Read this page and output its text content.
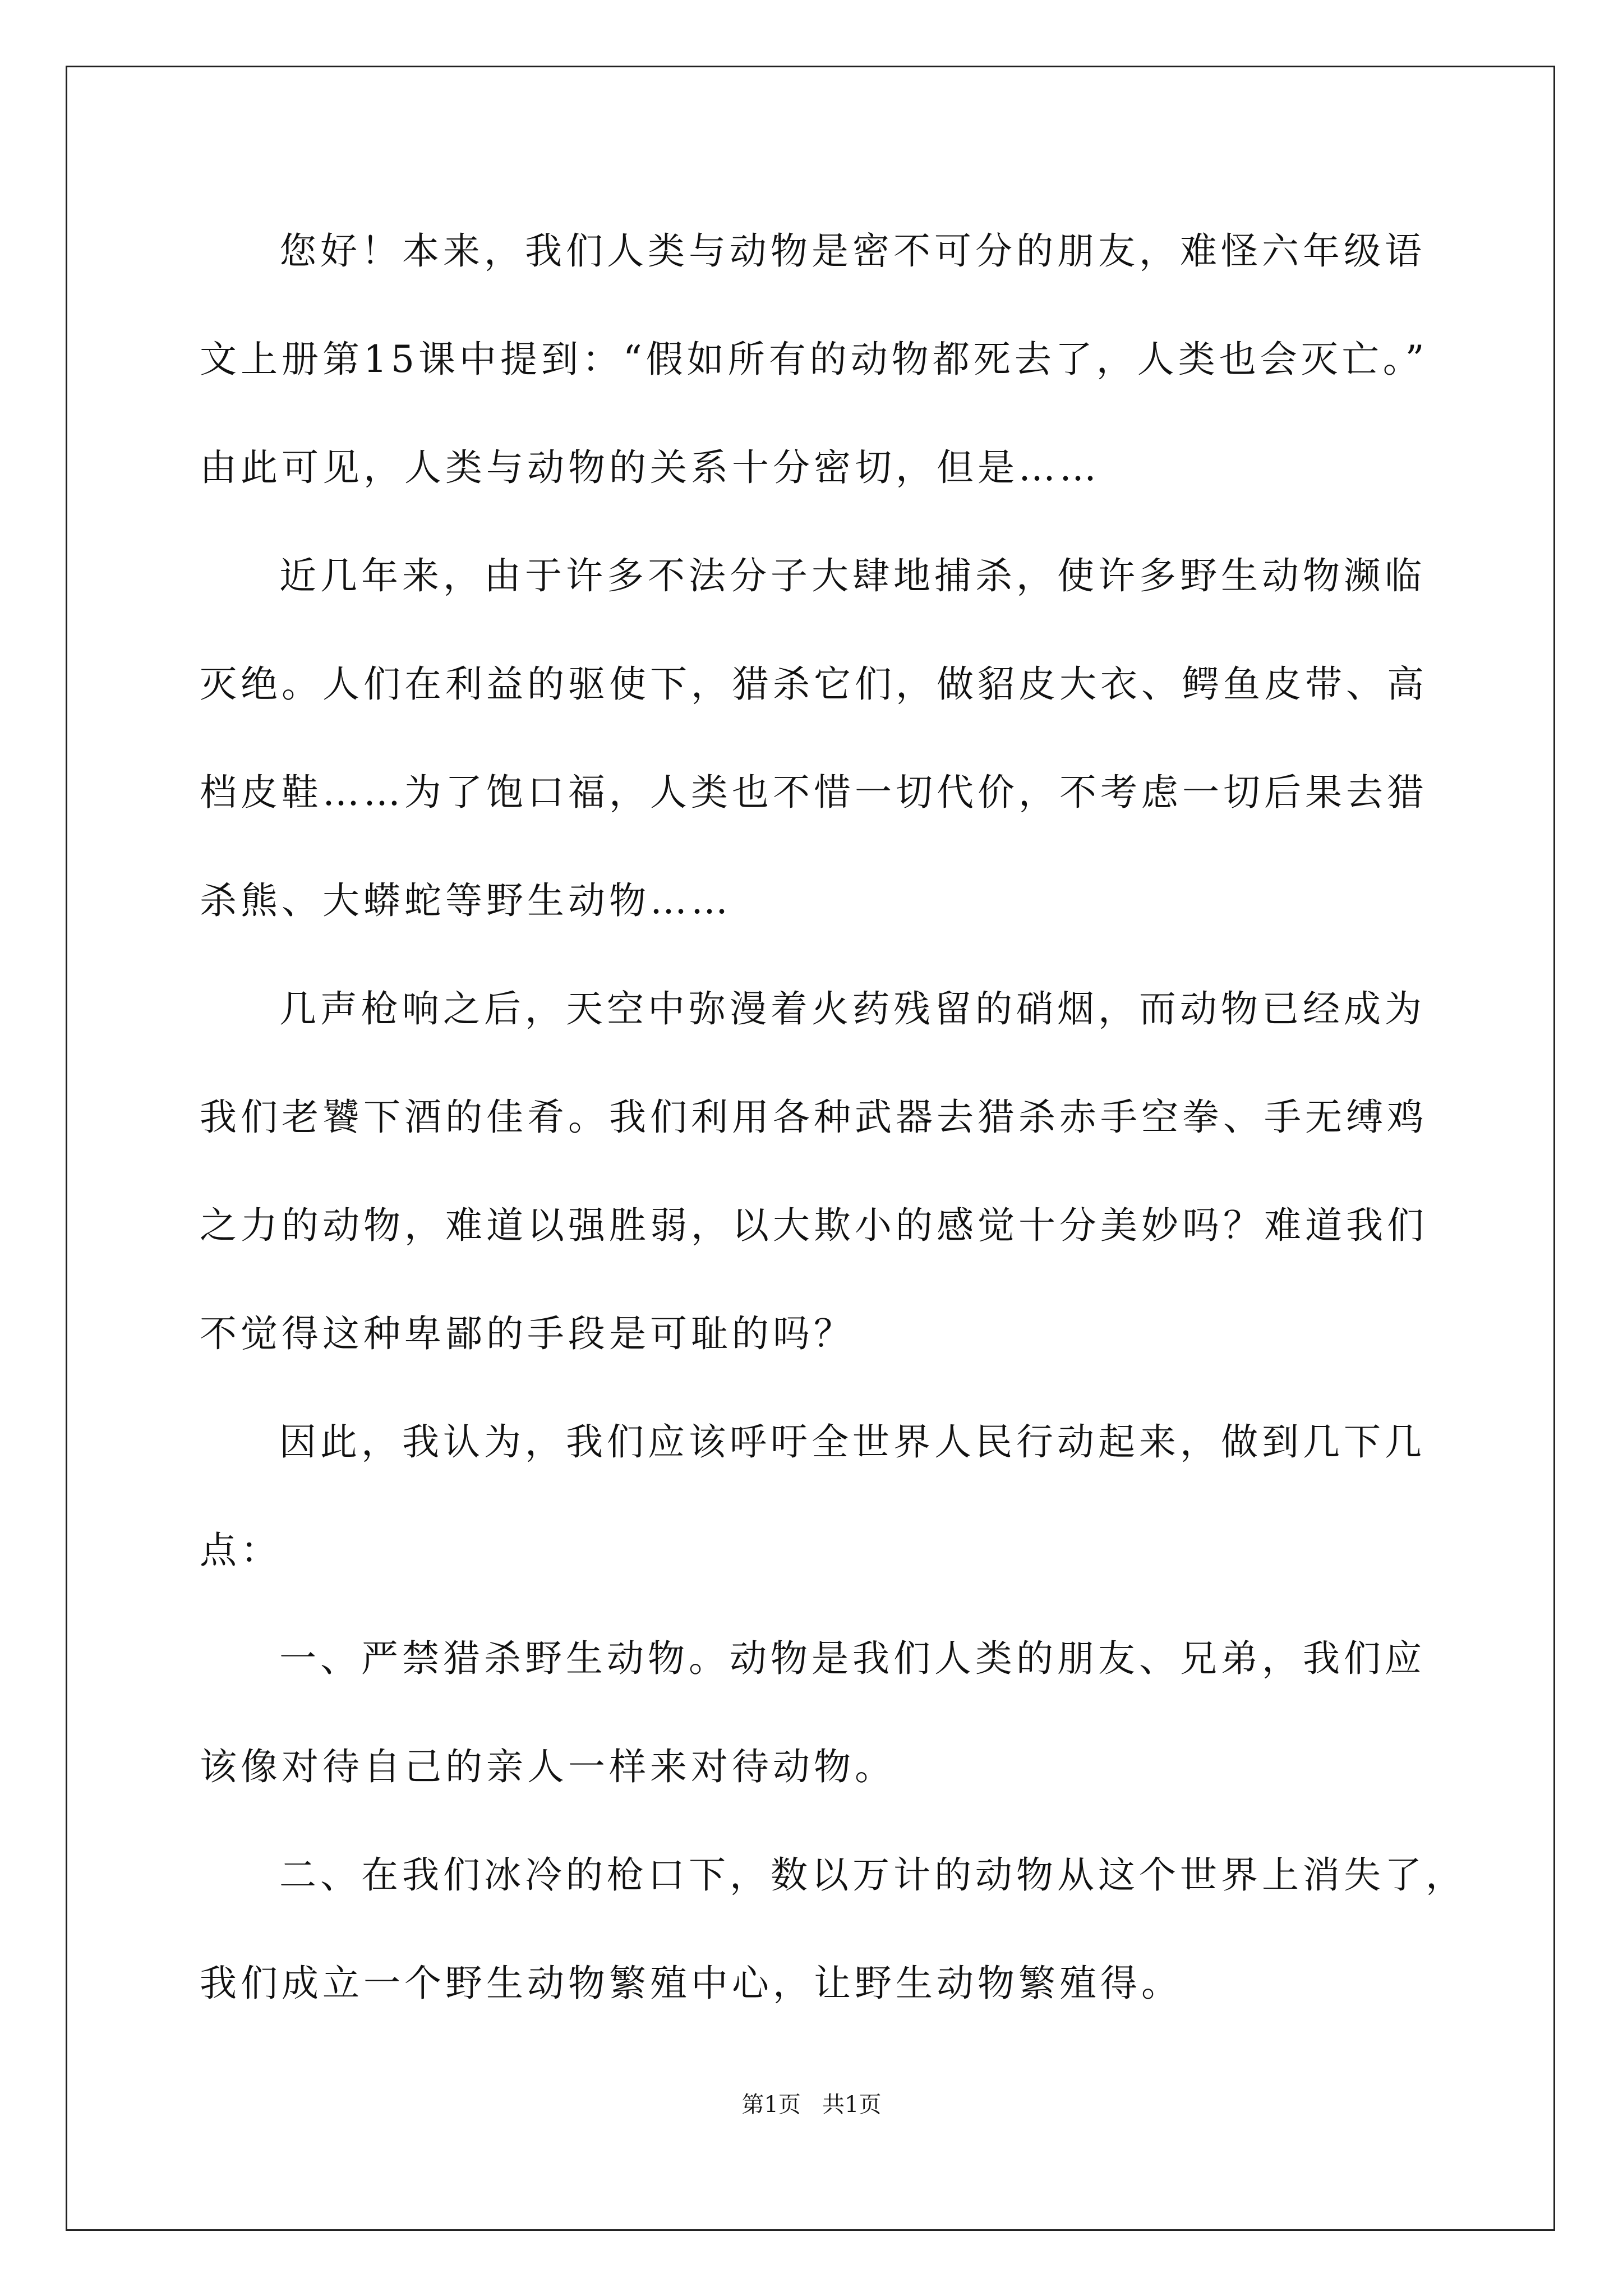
您好！本来，我们人类与动物是密不可分的朋友，难怪六年级语
文上册第15课中提到：“假如所有的动物都死去了，人类也会灭亡。”
由此可见，人类与动物的关系十分密切，但是……
近几年来，由于许多不法分子大肆地捕杀，使许多野生动物濒临
灭绝。人们在利益的驱使下，猎杀它们，做貂皮大衣、鳄鱼皮带、高
档皮鞋……为了饱口福，人类也不惜一切代价，不考虑一切后果去猎
杀熊、大蟒蛇等野生动物……
几声枪响之后，天空中弥漫着火药残留的硝烟，而动物已经成为
我们老饕下酒的佳肴。我们利用各种武器去猎杀赤手空拳、手无缚鸡
之力的动物，难道以强胜弱，以大欺小的感觉十分美妙吗？难道我们
不觉得这种卑鄙的手段是可耻的吗？
因此，我认为，我们应该呼吁全世界人民行动起来，做到几下几
点：
一、严禁猎杀野生动物。动物是我们人类的朋友、兄弟，我们应
该像对待自己的亲人一样来对待动物。
二、在我们冰冷的枪口下，数以万计的动物从这个世界上消失了，
我们成立一个野生动物繁殖中心，让野生动物繁殖得。
第1页   共1页
